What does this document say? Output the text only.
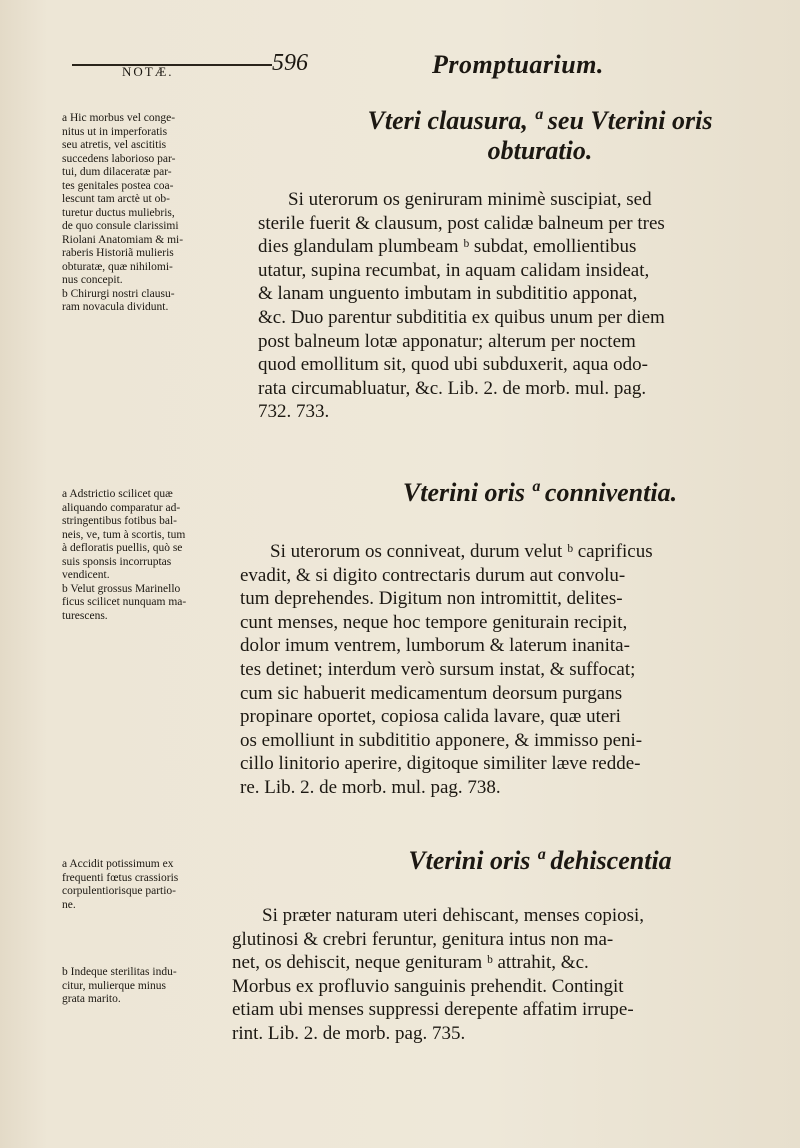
NOTÆ.	596	Promptuarium.
Vteri clausura, ª seu Vterini oris
obturatio.

a Hic morbus vel conge-

nitus ut in imperforatis

seu atretis, vel ascititis

succedens laborioso par-

tui, dum dilaceratæ par-

tes genitales postea coa-

lescunt tam arctè ut ob-

turetur ductus muliebris,

de quo consule clarissimi

Riolani Anatomiam & mi-

raberis Historiã mulieris

obturatæ, quæ nihilomi-

nus concepit.

b Chirurgi nostri clausu-

ram novacula dividunt.

Si uterorum os geniruram minimè suscipiat, sed

sterile fuerit & clausum, post calidæ balneum per tres

dies glandulam plumbeam ᵇ subdat, emollientibus

utatur, supina recumbat, in aquam calidam insideat,

& lanam unguento imbutam in subdititio apponat,

&c. Duo parentur subdititia ex quibus unum per diem

post balneum lotæ apponatur; alterum per noctem

quod emollitum sit, quod ubi subduxerit, aqua odo-

rata circumabluatur, &c. Lib. 2. de morb. mul. pag.

732. 733.

Vterini oris ª conniventia.

a Adstrictio scilicet quæ

aliquando comparatur ad-

stringentibus fotibus bal-

neis, ve, tum à scortis, tum

à defloratis puellis, quò se

suis sponsis incorruptas

vendicent.

b Velut grossus Marinello

ficus scilicet nunquam ma-

turescens.

Si uterorum os conniveat, durum velut ᵇ caprificus

evadit, & si digito contrectaris durum aut convolu-

tum deprehendes. Digitum non intromittit, delites-

cunt menses, neque hoc tempore geniturain recipit,

dolor imum ventrem, lumborum & laterum inanita-

tes detinet; interdum verò sursum instat, & suffocat;

cum sic habuerit medicamentum deorsum purgans

propinare oportet, copiosa calida lavare, quæ uteri

os emolliunt in subdititio apponere, & immisso peni-

cillo linitorio aperire, digitoque similiter læve redde-

re. Lib. 2. de morb. mul. pag. 738.

Vterini oris ª dehiscentia

a Accidit potissimum ex

frequenti fœtus crassioris

corpulentiorisque partio-

ne.

b Indeque sterilitas indu-

citur, mulierque minus

grata marito.

Si præter naturam uteri dehiscant, menses copiosi,

glutinosi & crebri feruntur, genitura intus non ma-

net, os dehiscit, neque genituram ᵇ attrahit, &c.

Morbus ex profluvio sanguinis prehendit. Contingit

etiam ubi menses suppressi derepente affatim irrupe-

rint. Lib. 2. de morb. pag. 735.
